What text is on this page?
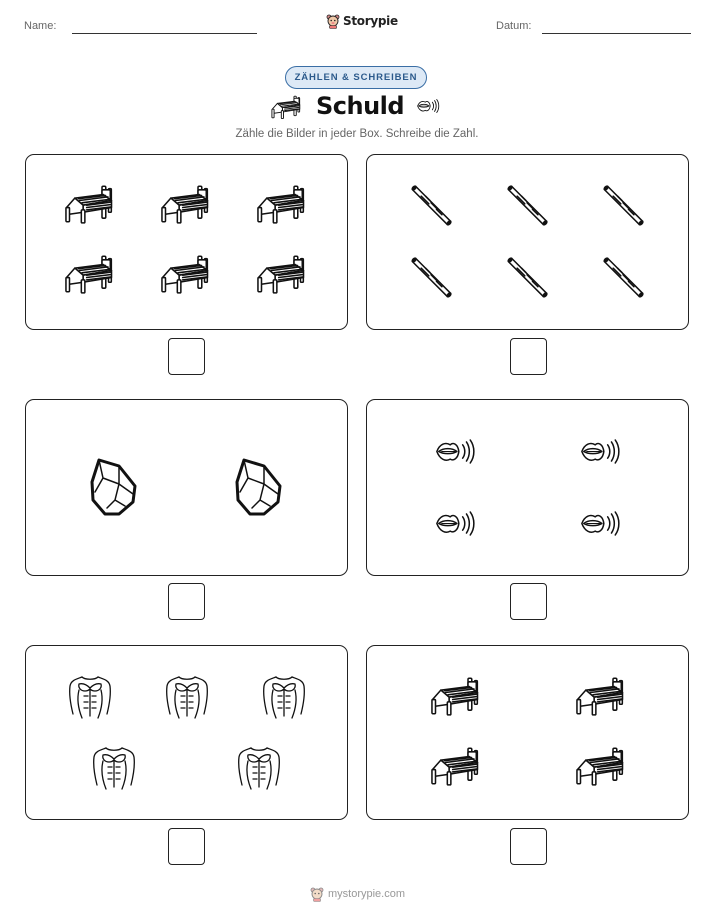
Name:	Storypie	Datum:
ZÄHLEN & SCHREIBEN
Schuld
Zähle die Bilder in jeder Box. Schreibe die Zahl.
mystorypie.com
